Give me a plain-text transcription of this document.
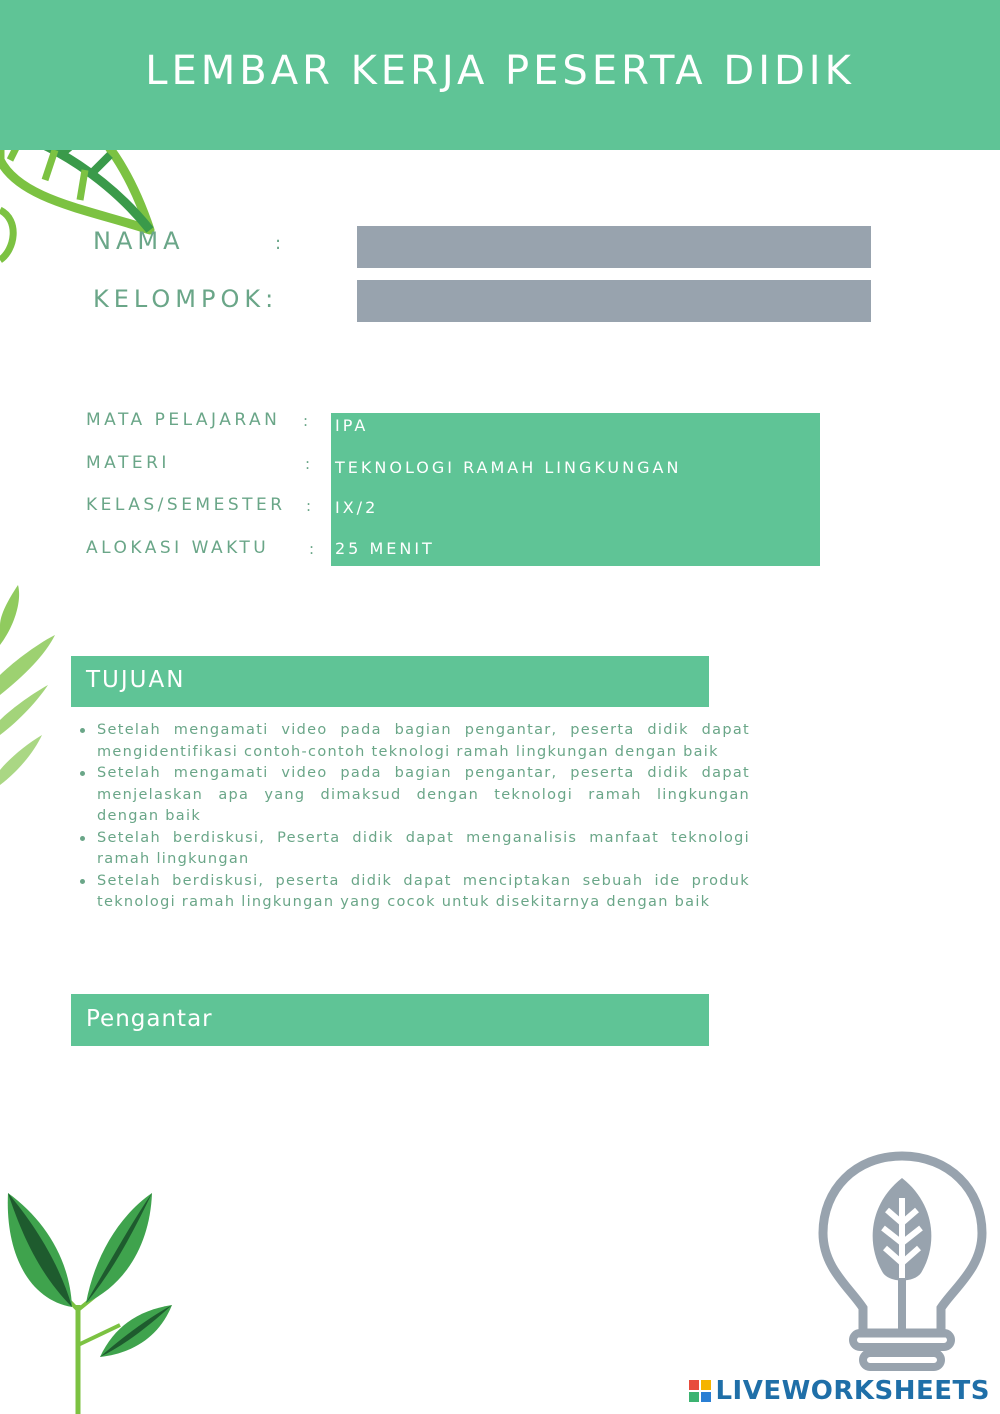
LEMBAR KERJA PESERTA DIDIK
NAMA	:
KELOMPOK:
MATA PELAJARAN : IPA
MATERI	: TEKNOLOGI RAMAH LINGKUNGAN
KELAS/SEMESTER : IX/2
ALOKASI WAKTU	: 25 MENIT
TUJUAN
Setelah mengamati video pada bagian pengantar, peserta didik dapat mengidentifikasi contoh-contoh teknologi ramah lingkungan dengan baik
Setelah mengamati video pada bagian pengantar, peserta didik dapat menjelaskan apa yang dimaksud dengan teknologi ramah lingkungan dengan baik
Setelah berdiskusi, Peserta didik dapat menganalisis manfaat teknologi ramah lingkungan
Setelah berdiskusi, peserta didik dapat menciptakan sebuah ide produk teknologi ramah lingkungan yang cocok untuk disekitarnya dengan baik
Pengantar
LIVEWORKSHEETS
